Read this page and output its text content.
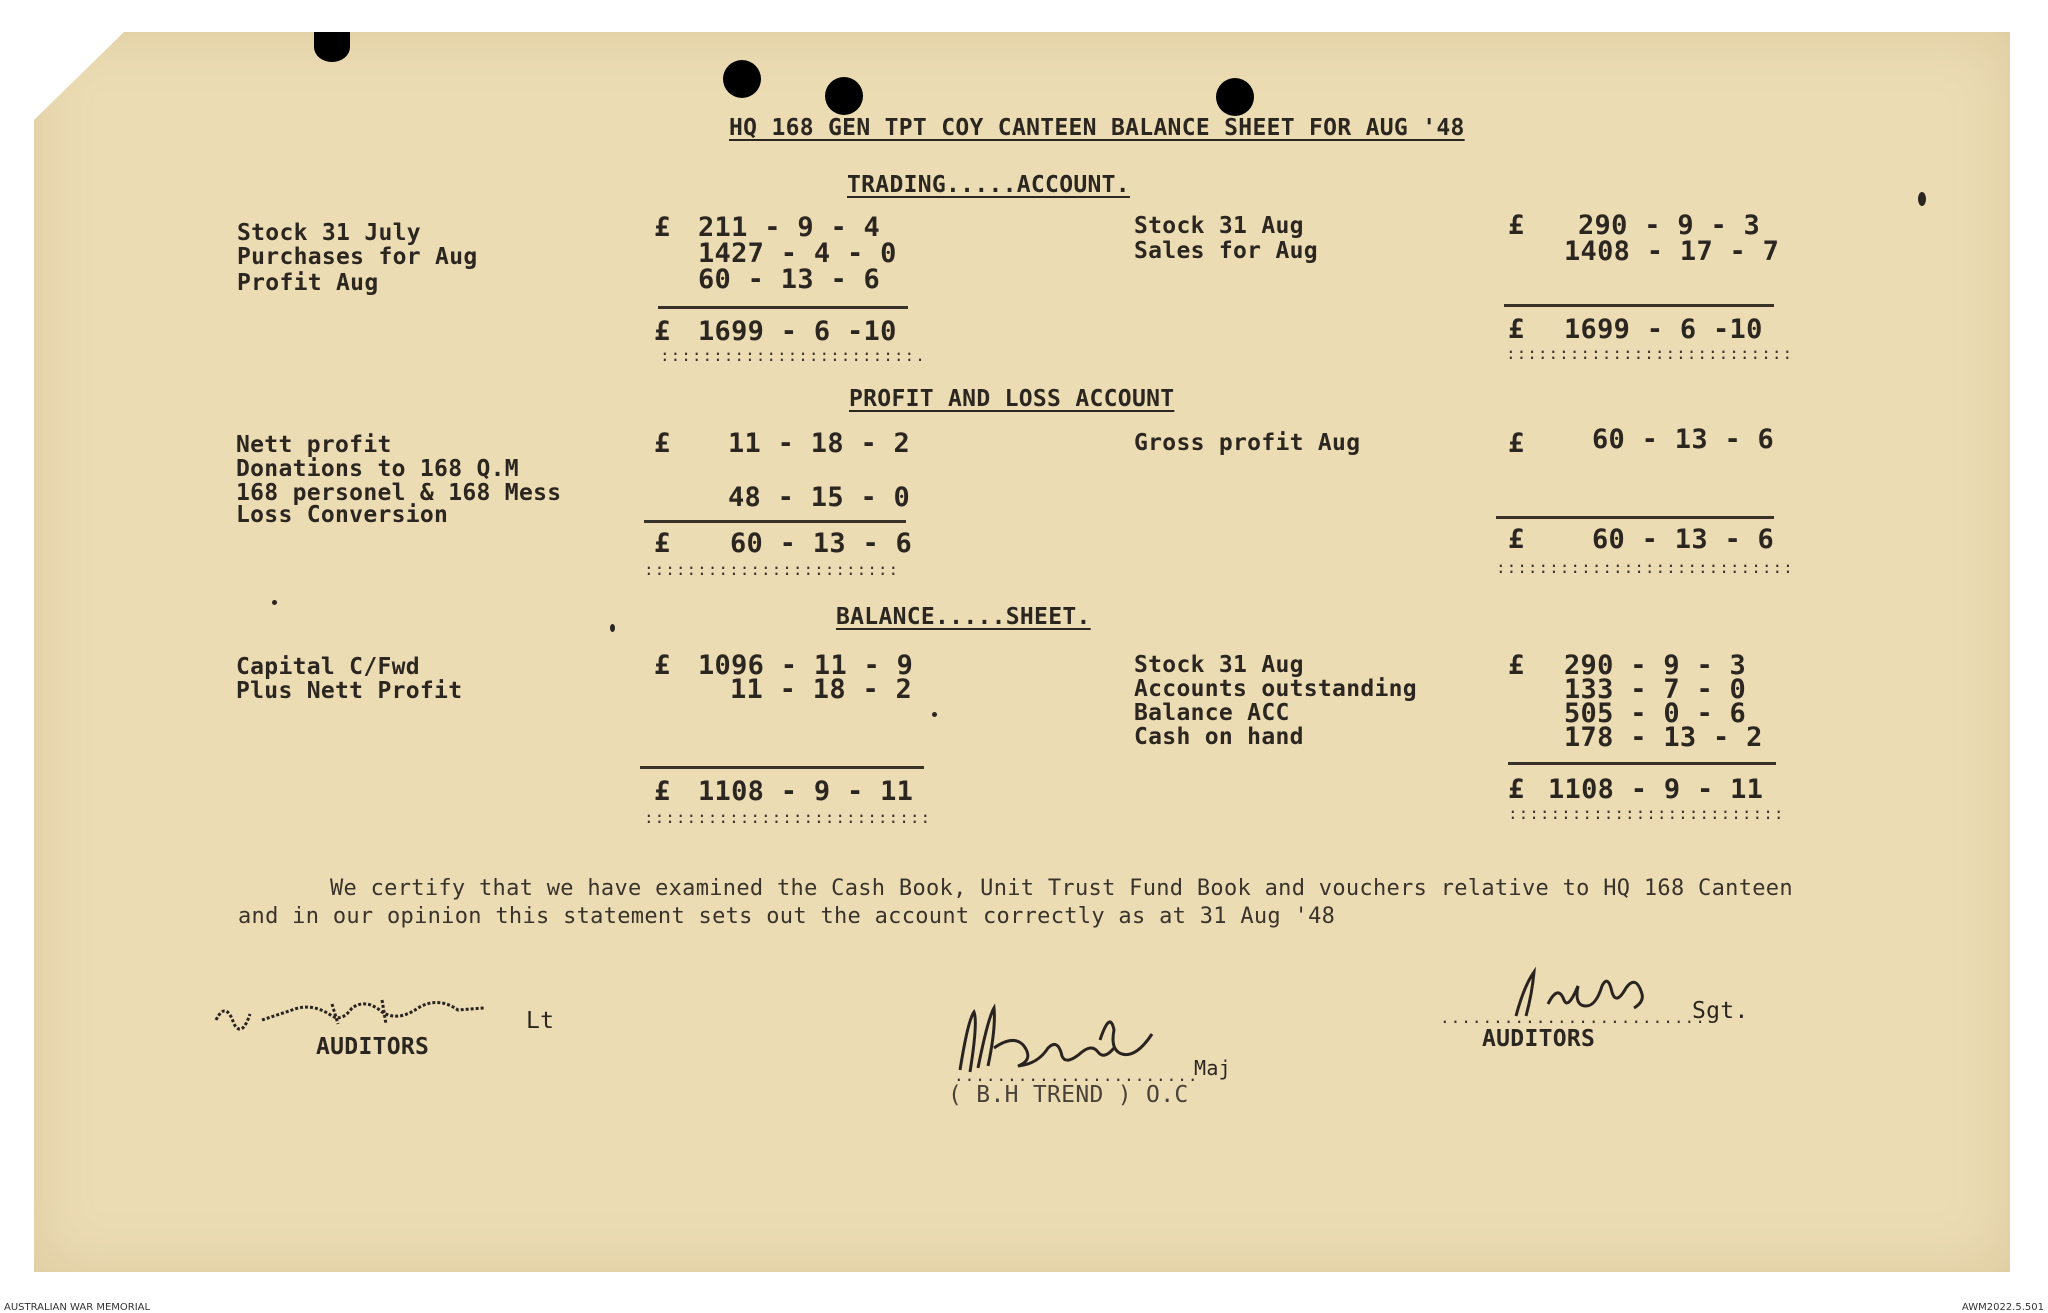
HQ 168 GEN TPT COY CANTEEN BALANCE SHEET FOR AUG '48
TRADING.....ACCOUNT.
Stock 31 July
Purchases for Aug
Profit Aug
£ 211 - 9 - 4
1427 - 4 - 0
60 - 13 - 6
£ 1699 - 6 -10
::::::::::::::::::::::::.
Stock 31 Aug
Sales for Aug
£ 290 - 9 - 3
1408 - 17 - 7
£ 1699 - 6 -10
:::::::::::::::::::::::::::
PROFIT AND LOSS ACCOUNT
Nett profit
Donations to 168 Q.M
168 personel & 168 Mess
Loss Conversion
£ 11 - 18 - 2
48 - 15 - 0
£ 60 - 13 - 6
::::::::::::::::::::::::
Gross profit Aug	£ 60 - 13 - 6
£ 60 - 13 - 6
::::::::::::::::::::::::::::
BALANCE.....SHEET.
Capital C/Fwd
Plus Nett Profit
£ 1096 - 11 - 9
11 - 18 - 2
£ 1108 - 9 - 11
:::::::::::::::::::::::::::
Stock 31 Aug
Accounts outstanding
Balance ACC
Cash on hand
£ 290 - 9 - 3
133 - 7 - 0
505 - 0 - 6
178 - 13 - 2
£ 1108 - 9 - 11
::::::::::::::::::::::::::
We certify that we have examined the Cash Book, Unit Trust Fund Book and vouchers relative to HQ 168 Canteen
and in our opinion this statement sets out the account correctly as at 31 Aug '48
Lt
AUDITORS
.......................
Maj
( B.H TREND ) O.C
.........................
Sgt.
AUDITORS
AUSTRALIAN WAR MEMORIAL	AWM2022.5.501
